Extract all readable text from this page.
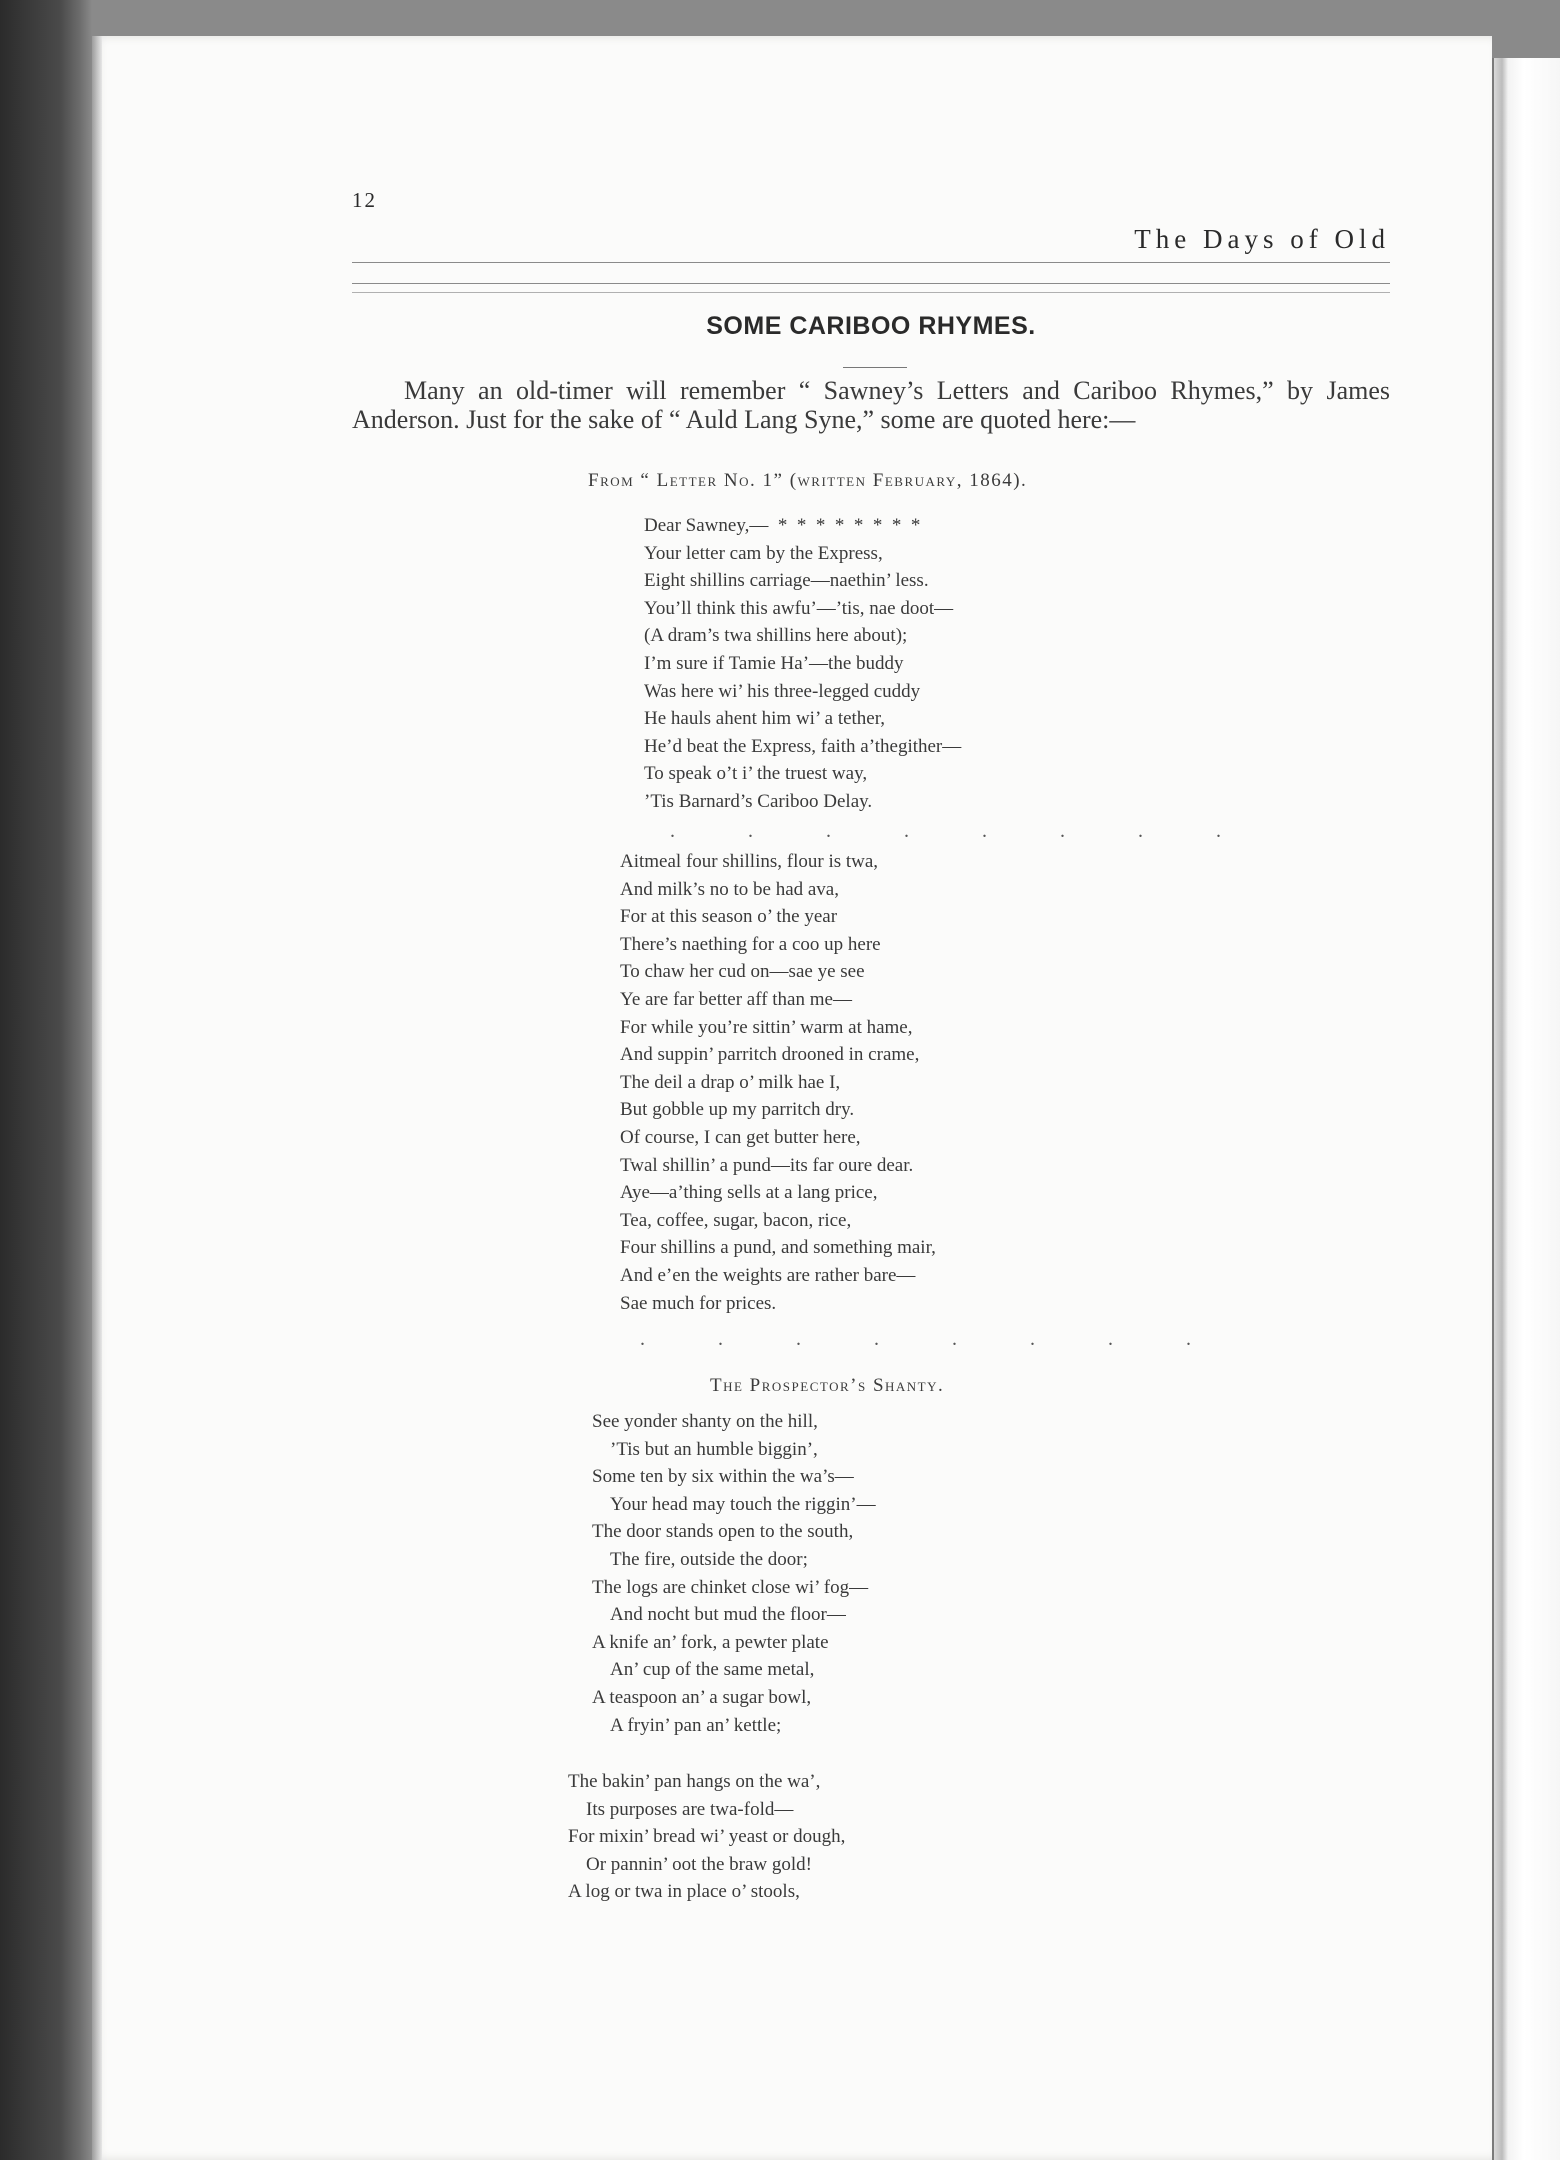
12
The Days of Old
SOME CARIBOO RHYMES.
Many an old-timer will remember “ Sawney’s Letters and Cariboo Rhymes,” by James Anderson. Just for the sake of “ Auld Lang Syne,” some are quoted here:—
From “ Letter No. 1” (written February, 1864).
Dear Sawney,—  *  *  *  *  *  *  *  *
Your letter cam by the Express,
Eight shillins carriage—naethin’ less.
You’ll think this awfu’—’tis, nae doot—
(A dram’s twa shillins here about);
I’m sure if Tamie Ha’—the buddy
Was here wi’ his three-legged cuddy
He hauls ahent him wi’ a tether,
He’d beat the Express, faith a’thegither—
To speak o’t i’ the truest way,
’Tis Barnard’s Cariboo Delay.
. . . . . . . .
Aitmeal four shillins, flour is twa,
And milk’s no to be had ava,
For at this season o’ the year
There’s naething for a coo up here
To chaw her cud on—sae ye see
Ye are far better aff than me—
For while you’re sittin’ warm at hame,
And suppin’ parritch drooned in crame,
The deil a drap o’ milk hae I,
But gobble up my parritch dry.
Of course, I can get butter here,
Twal shillin’ a pund—its far oure dear.
Aye—a’thing sells at a lang price,
Tea, coffee, sugar, bacon, rice,
Four shillins a pund, and something mair,
And e’en the weights are rather bare—
Sae much for prices.
. . . . . . . .
The Prospector’s Shanty.
See yonder shanty on the hill,
’Tis but an humble biggin’,
Some ten by six within the wa’s—
Your head may touch the riggin’—
The door stands open to the south,
The fire, outside the door;
The logs are chinket close wi’ fog—
And nocht but mud the floor—
A knife an’ fork, a pewter plate
An’ cup of the same metal,
A teaspoon an’ a sugar bowl,
A fryin’ pan an’ kettle;
The bakin’ pan hangs on the wa’,
Its purposes are twa-fold—
For mixin’ bread wi’ yeast or dough,
Or pannin’ oot the braw gold!
A log or twa in place o’ stools,
